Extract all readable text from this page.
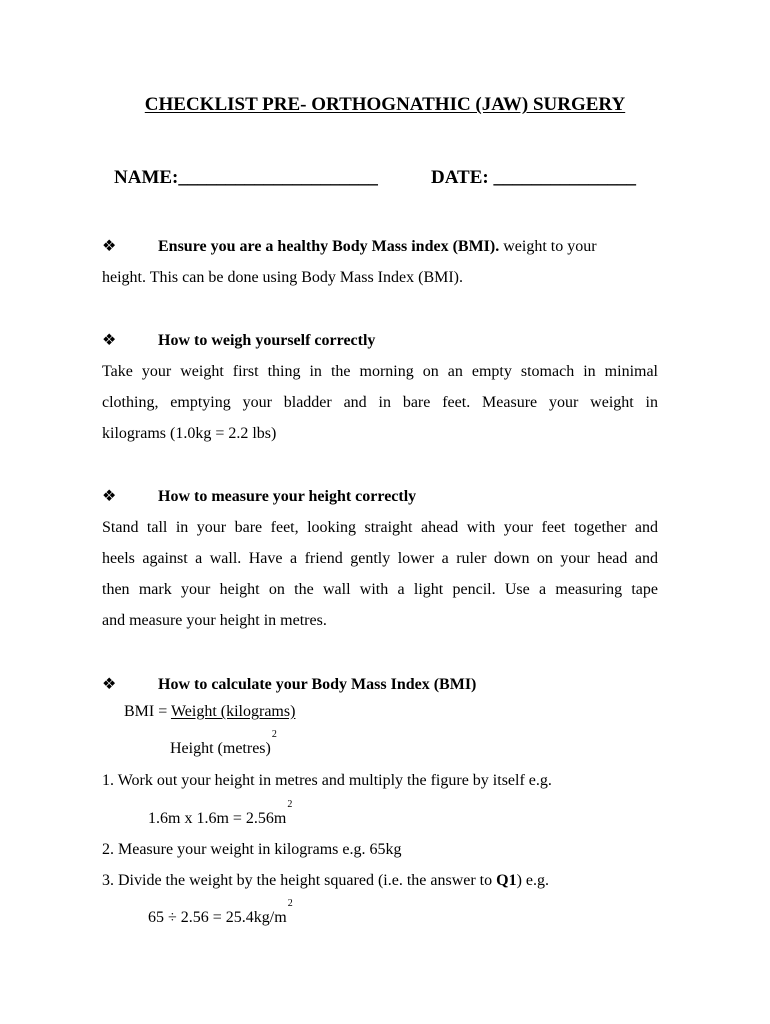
CHECKLIST PRE- ORTHOGNATHIC (JAW) SURGERY
NAME:_____________________	DATE: _______________
❖	Ensure you are a healthy Body Mass index (BMI). weight to your
height. This can be done using Body Mass Index (BMI).
❖	How to weigh yourself correctly
Take your weight first thing in the morning on an empty stomach in minimal
clothing, emptying your bladder and in bare feet. Measure your weight in
kilograms (1.0kg = 2.2 lbs)
❖	How to measure your height correctly
Stand tall in your bare feet, looking straight ahead with your feet together and
heels against a wall. Have a friend gently lower a ruler down on your head and
then mark your height on the wall with a light pencil. Use a measuring tape
and measure your height in metres.
❖	How to calculate your Body Mass Index (BMI)
BMI = Weight (kilograms)
Height (metres)$^2$
1. Work out your height in metres and multiply the figure by itself e.g.
1.6m x $1.6m = 2.56m^2$
2. Measure your weight in kilograms e.g. 65kg
3. Divide the weight by the height squared (i.e. the answer to Q1) e.g.
$65 \div 2.56 = 25.4kg/m^2$
